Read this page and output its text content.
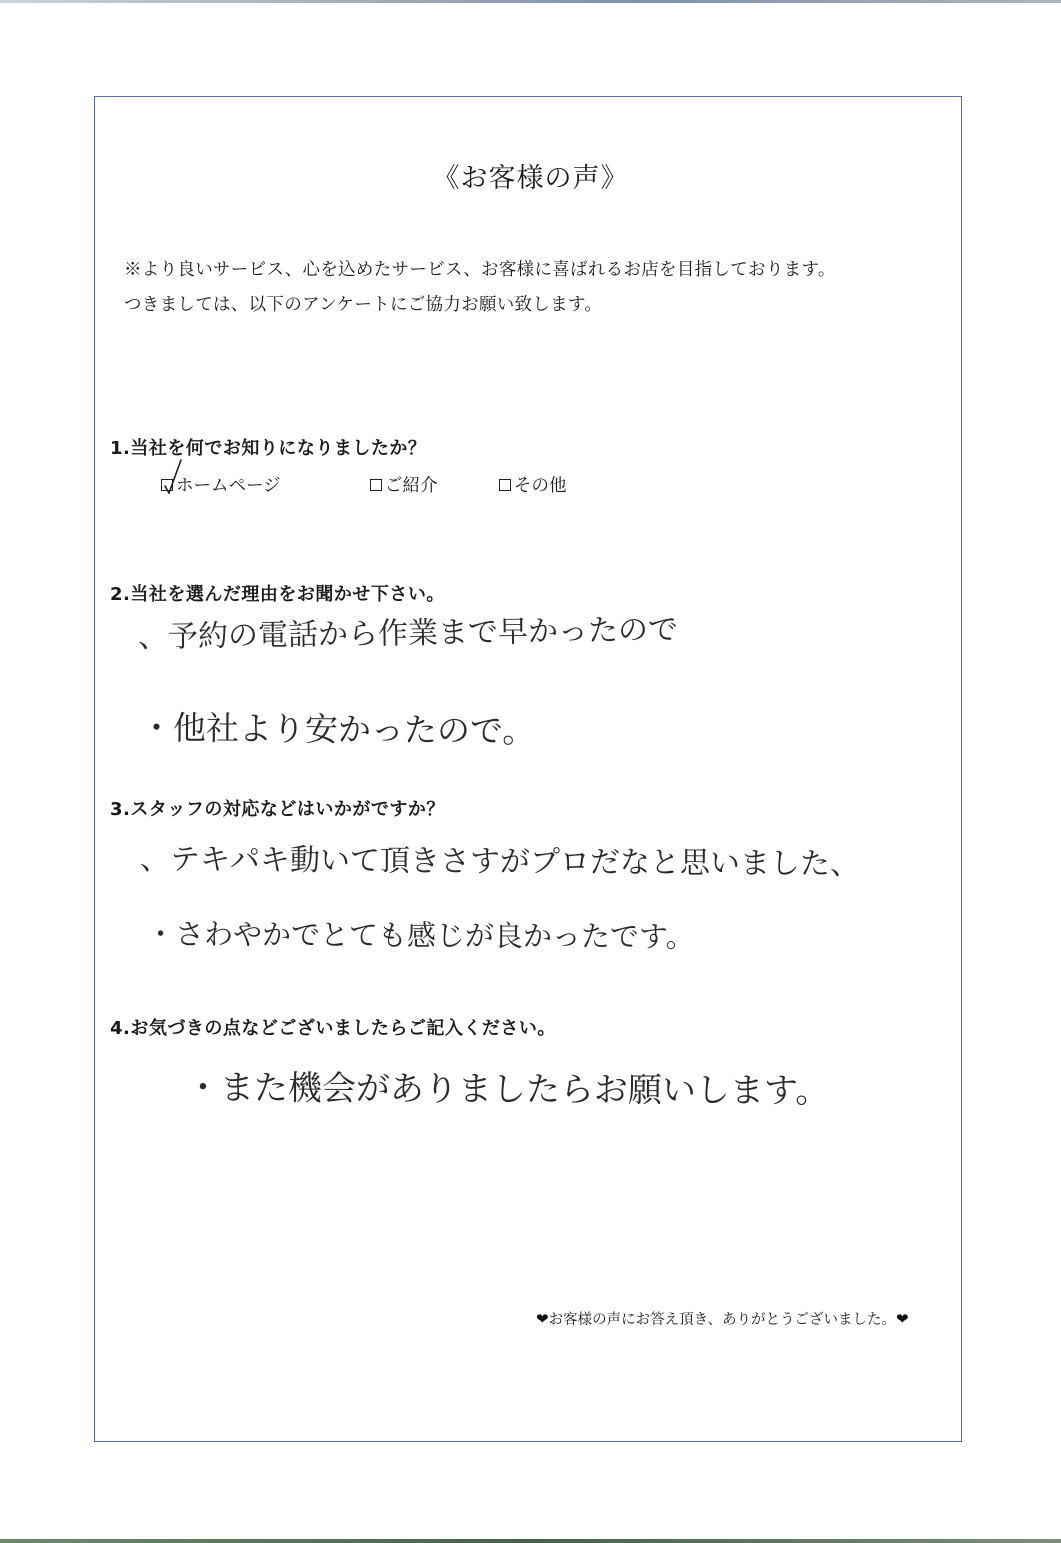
《お客様の声》
※より良いサービス、心を込めたサービス、お客様に喜ばれるお店を目指しております。
つきましては、以下のアンケートにご協力お願い致します。
1.当社を何でお知りになりましたか？
ホームページ	ご紹介	その他
2.当社を選んだ理由をお聞かせ下さい。
、予約の電話から作業まで早かったので
・他社より安かったので。
3.スタッフの対応などはいかがですか？
、テキパキ動いて頂きさすがプロだなと思いました、
・さわやかでとても感じが良かったです。
4.お気づきの点などございましたらご記入ください。
・また機会がありましたらお願いします。
❤ お客様の声にお答え頂き、ありがとうございました。 ❤
